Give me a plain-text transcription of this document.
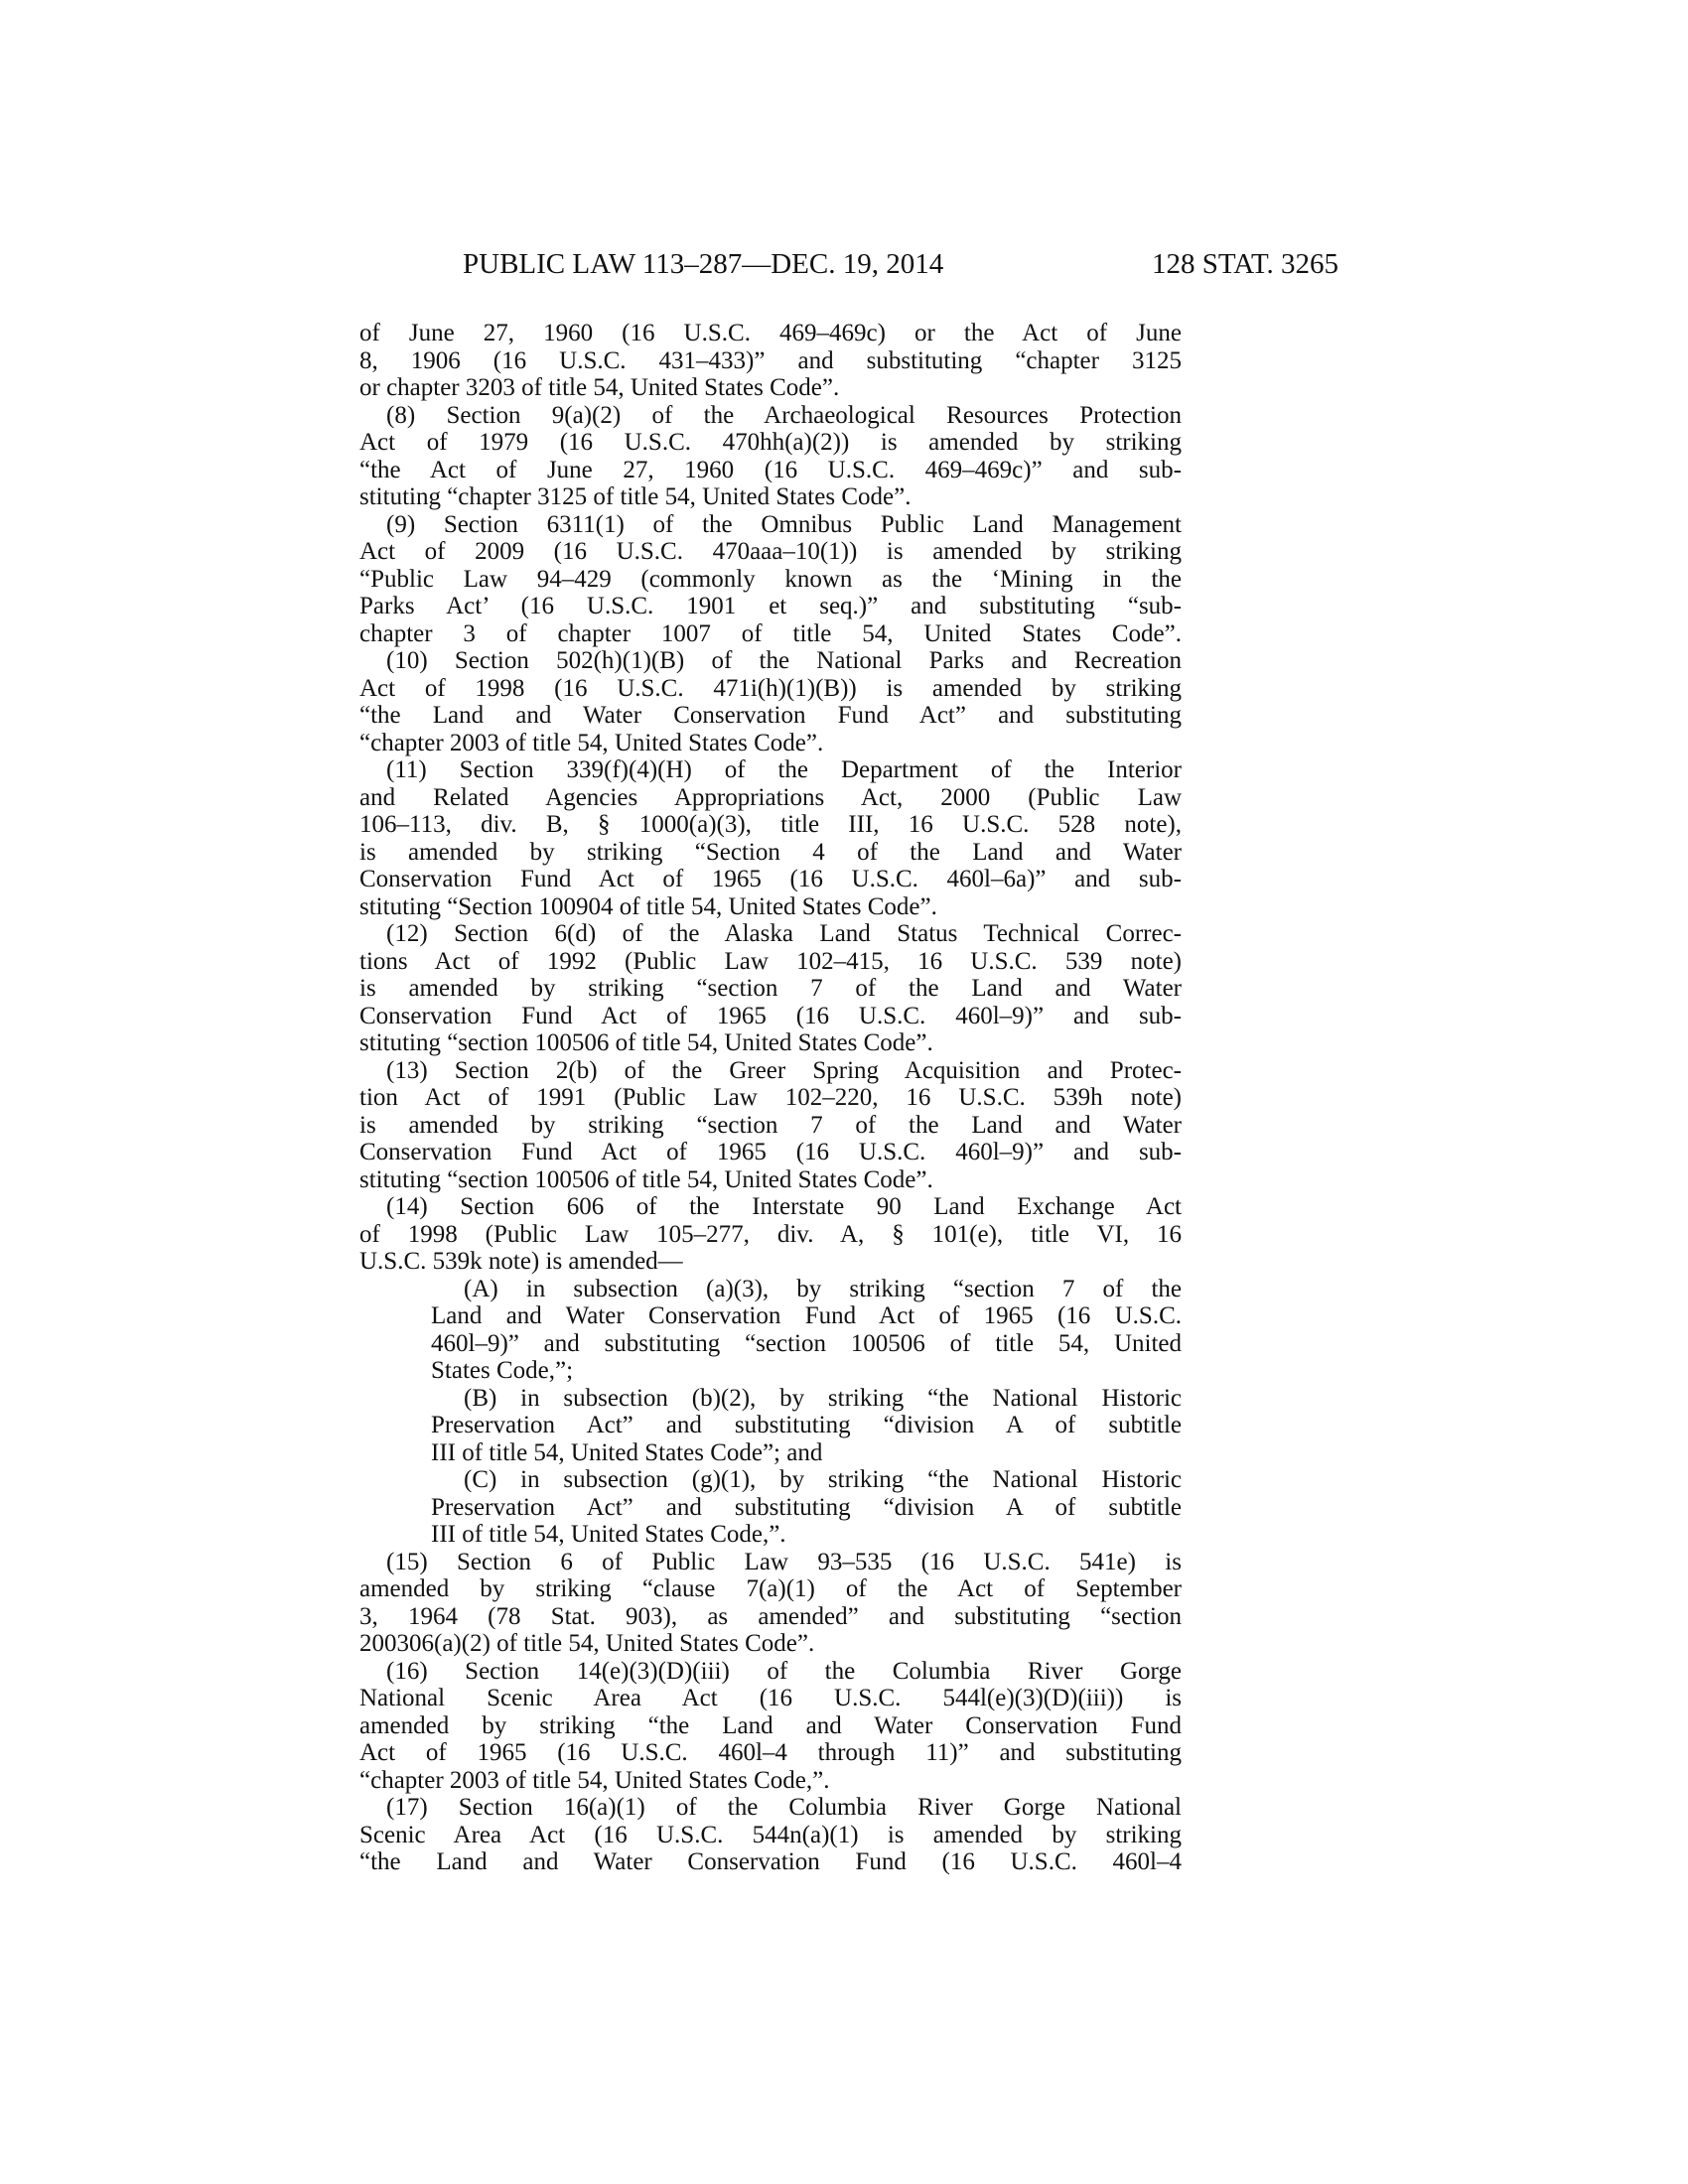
PUBLIC LAW 113–287—DEC. 19, 2014	128 STAT. 3265
of June 27, 1960 (16 U.S.C. 469–469c) or the Act of June
8, 1906 (16 U.S.C. 431–433)” and substituting “chapter 3125
or chapter 3203 of title 54, United States Code”.
(8) Section 9(a)(2) of the Archaeological Resources Protection
Act of 1979 (16 U.S.C. 470hh(a)(2)) is amended by striking
“the Act of June 27, 1960 (16 U.S.C. 469–469c)” and sub-
stituting “chapter 3125 of title 54, United States Code”.
(9) Section 6311(1) of the Omnibus Public Land Management
Act of 2009 (16 U.S.C. 470aaa–10(1)) is amended by striking
“Public Law 94–429 (commonly known as the ‘Mining in the
Parks Act’ (16 U.S.C. 1901 et seq.)” and substituting “sub-
chapter 3 of chapter 1007 of title 54, United States Code”.
(10) Section 502(h)(1)(B) of the National Parks and Recreation
Act of 1998 (16 U.S.C. 471i(h)(1)(B)) is amended by striking
“the Land and Water Conservation Fund Act” and substituting
“chapter 2003 of title 54, United States Code”.
(11) Section 339(f)(4)(H) of the Department of the Interior
and Related Agencies Appropriations Act, 2000 (Public Law
106–113, div. B, § 1000(a)(3), title III, 16 U.S.C. 528 note),
is amended by striking “Section 4 of the Land and Water
Conservation Fund Act of 1965 (16 U.S.C. 460l–6a)” and sub-
stituting “Section 100904 of title 54, United States Code”.
(12) Section 6(d) of the Alaska Land Status Technical Correc-
tions Act of 1992 (Public Law 102–415, 16 U.S.C. 539 note)
is amended by striking “section 7 of the Land and Water
Conservation Fund Act of 1965 (16 U.S.C. 460l–9)” and sub-
stituting “section 100506 of title 54, United States Code”.
(13) Section 2(b) of the Greer Spring Acquisition and Protec-
tion Act of 1991 (Public Law 102–220, 16 U.S.C. 539h note)
is amended by striking “section 7 of the Land and Water
Conservation Fund Act of 1965 (16 U.S.C. 460l–9)” and sub-
stituting “section 100506 of title 54, United States Code”.
(14) Section 606 of the Interstate 90 Land Exchange Act
of 1998 (Public Law 105–277, div. A, § 101(e), title VI, 16
U.S.C. 539k note) is amended—
(A) in subsection (a)(3), by striking “section 7 of the
Land and Water Conservation Fund Act of 1965 (16 U.S.C.
460l–9)” and substituting “section 100506 of title 54, United
States Code,”;
(B) in subsection (b)(2), by striking “the National Historic
Preservation Act” and substituting “division A of subtitle
III of title 54, United States Code”; and
(C) in subsection (g)(1), by striking “the National Historic
Preservation Act” and substituting “division A of subtitle
III of title 54, United States Code,”.
(15) Section 6 of Public Law 93–535 (16 U.S.C. 541e) is
amended by striking “clause 7(a)(1) of the Act of September
3, 1964 (78 Stat. 903), as amended” and substituting “section
200306(a)(2) of title 54, United States Code”.
(16) Section 14(e)(3)(D)(iii) of the Columbia River Gorge
National Scenic Area Act (16 U.S.C. 544l(e)(3)(D)(iii)) is
amended by striking “the Land and Water Conservation Fund
Act of 1965 (16 U.S.C. 460l–4 through 11)” and substituting
“chapter 2003 of title 54, United States Code,”.
(17) Section 16(a)(1) of the Columbia River Gorge National
Scenic Area Act (16 U.S.C. 544n(a)(1) is amended by striking
“the Land and Water Conservation Fund (16 U.S.C. 460l–4
